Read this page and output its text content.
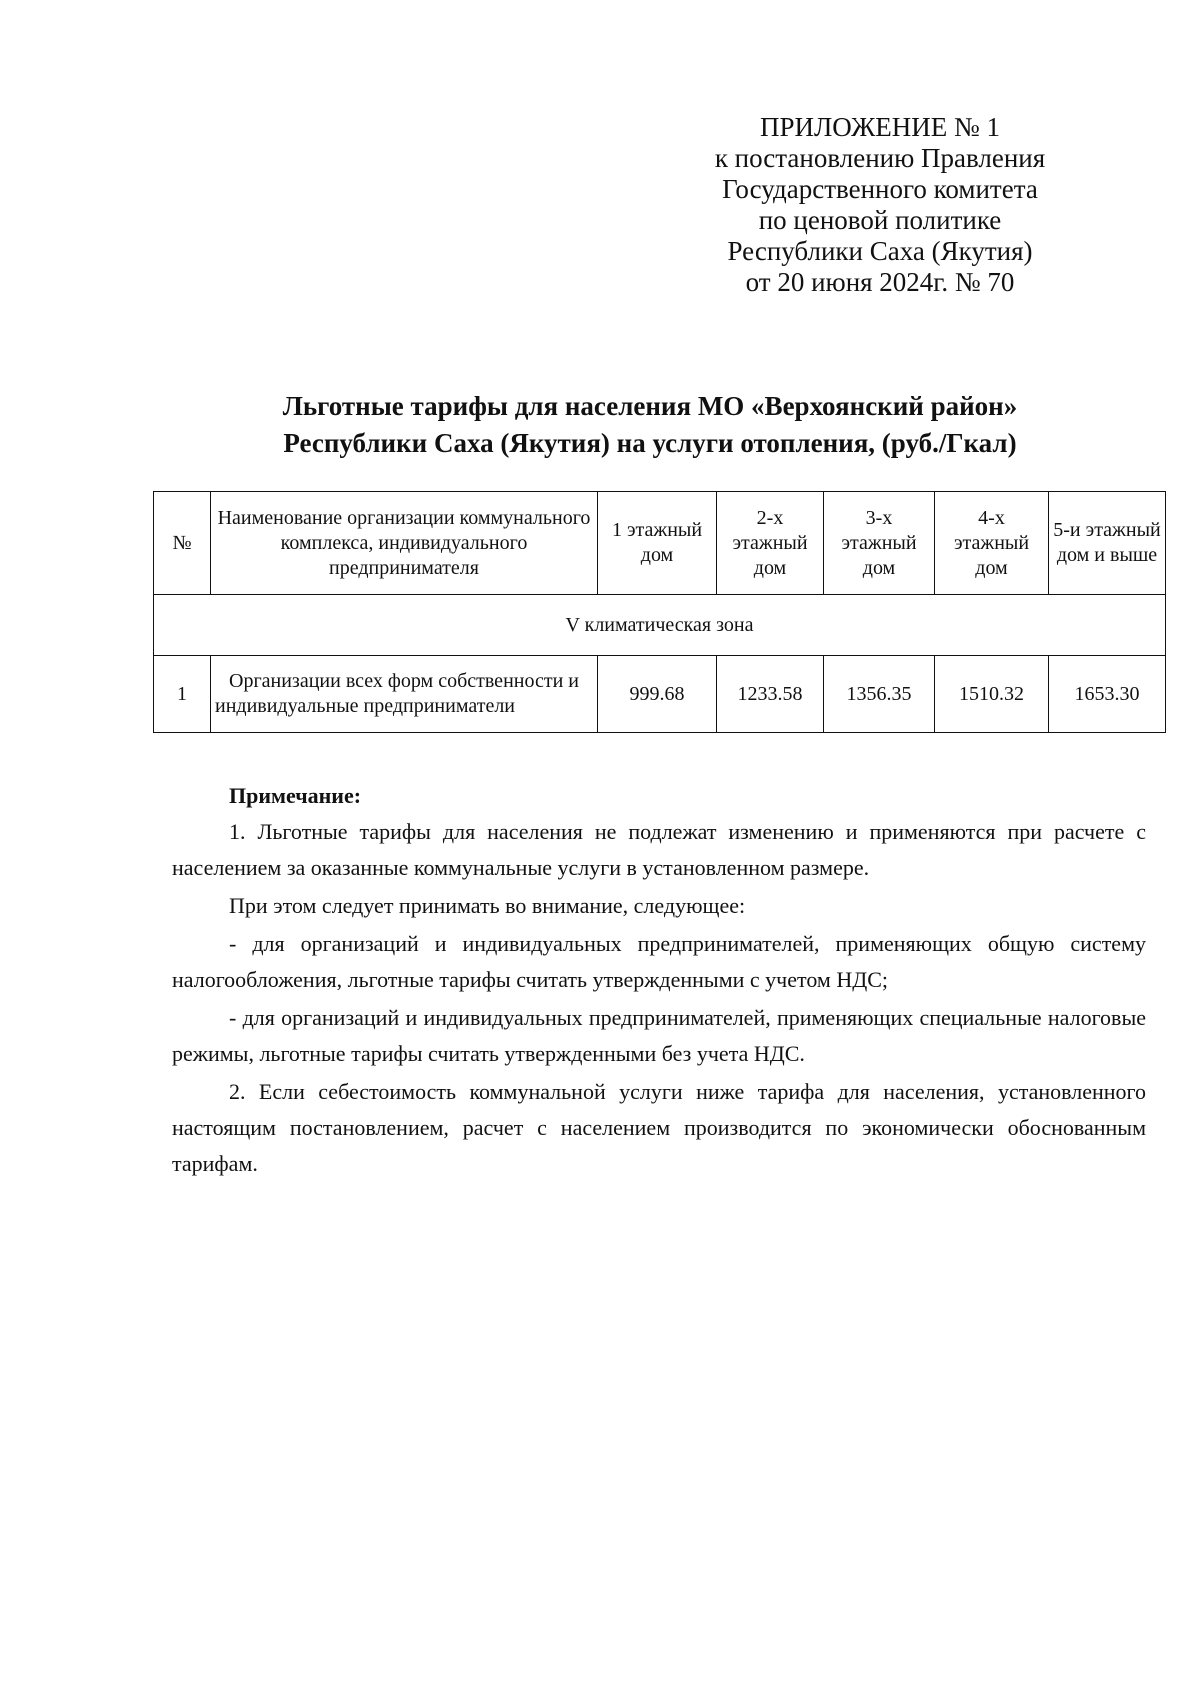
ПРИЛОЖЕНИЕ № 1
к постановлению Правления
Государственного комитета
по ценовой политике
Республики Саха (Якутия)
от 20 июня 2024г. № 70
Льготные тарифы для населения МО «Верхоянский район»
Республики Саха (Якутия) на услуги отопления, (руб./Гкал)
№	Наименование организации коммунального комплекса, индивидуального предпринимателя	1 этажный дом	2-х этажный дом	3-х этажный дом	4-х этажный дом	5-и этажный дом и выше
V климатическая зона						
1	Организации всех форм собственности и индивидуальные предприниматели	999.68	1233.58	1356.35	1510.32	1653.30
Примечание:

1. Льготные тарифы для населения не подлежат изменению и применяются при расчете с населением за оказанные коммунальные услуги в установленном размере.

При этом следует принимать во внимание, следующее:

- для организаций и индивидуальных предпринимателей, применяющих общую систему налогообложения, льготные тарифы считать утвержденными с учетом НДС;

- для организаций и индивидуальных предпринимателей, применяющих специальные налоговые режимы, льготные тарифы считать утвержденными без учета НДС.

2. Если себестоимость коммунальной услуги ниже тарифа для населения, установленного настоящим постановлением, расчет с населением производится по экономически обоснованным тарифам.
